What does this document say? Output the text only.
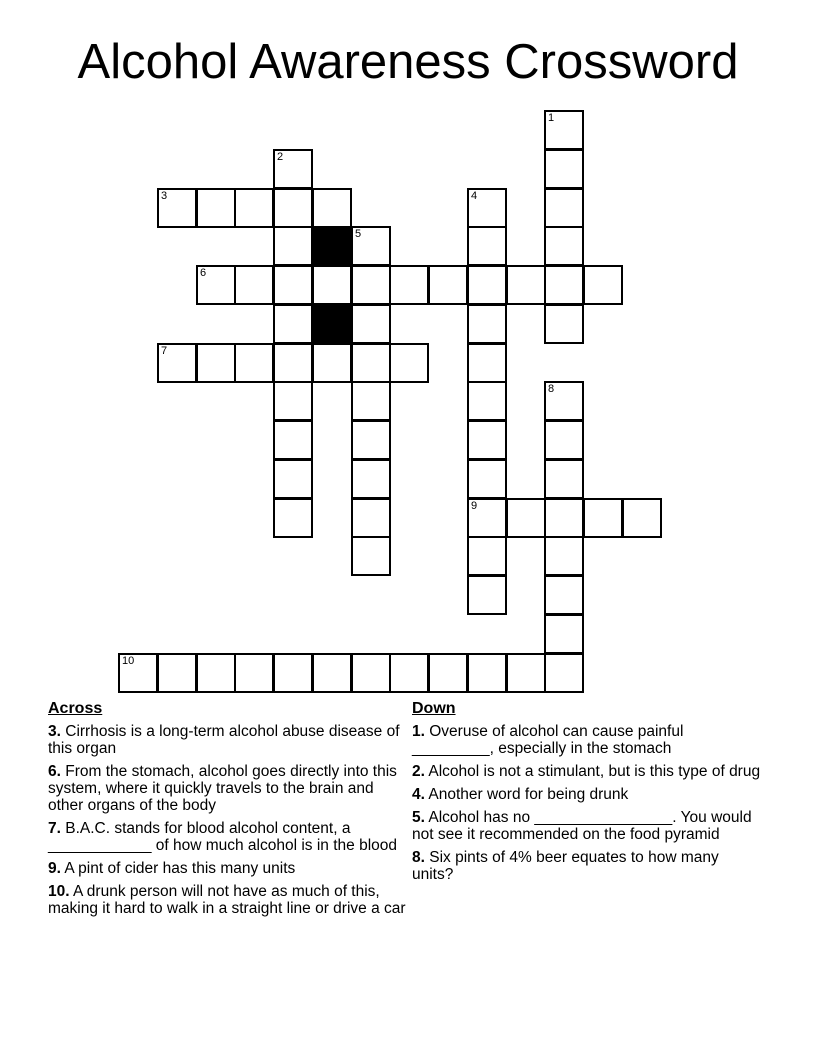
Alcohol Awareness Crossword
1
2
3	4
9
5
6
7
8
10
Across
3. Cirrhosis is a long-term alcohol abuse disease of this organ
6. From the stomach, alcohol goes directly into this system, where it quickly travels to the brain and other organs of the body
7. B.A.C. stands for blood alcohol content, a ____________ of how much alcohol is in the blood
9. A pint of cider has this many units
10. A drunk person will not have as much of this, making it hard to walk in a straight line or drive a car
Down
1. Overuse of alcohol can cause painful _________, especially in the stomach
2. Alcohol is not a stimulant, but is this type of drug
4. Another word for being drunk
5. Alcohol has no ________________. You would not see it recommended on the food pyramid
8. Six pints of 4% beer equates to how many units?
